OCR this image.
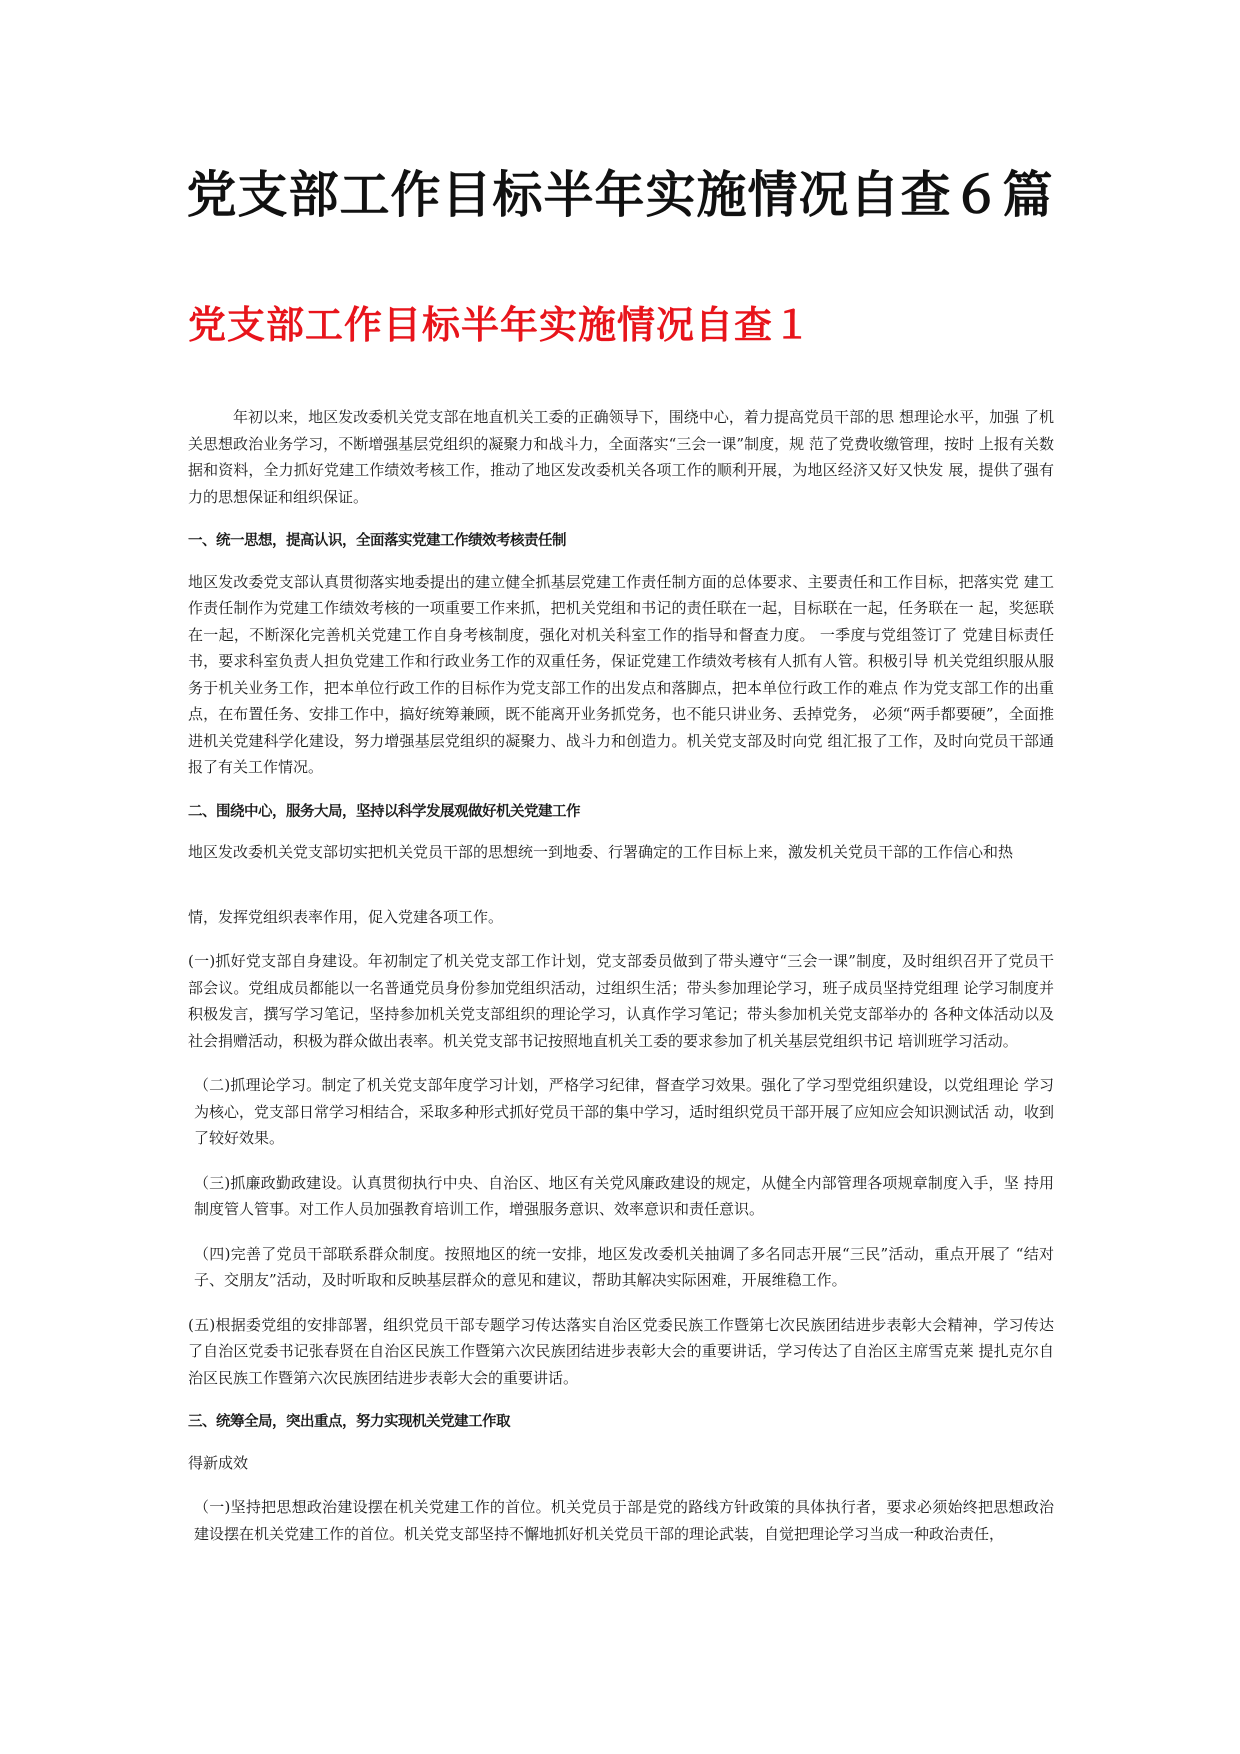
党支部工作目标半年实施情况自查６篇
党支部工作目标半年实施情况自查１

年初以来，地区发改委机关党支部在地直机关工委的正确领导下，围绕中心，着力提高党员干部的思 想理论水平，加强 了机关思想政治业务学习，不断增强基层党组织的凝聚力和战斗力，全面落实“三会一课”制度，规 范了党费收缴管理，按时 上报有关数据和资料，全力抓好党建工作绩效考核工作，推动了地区发改委机关各项工作的顺利开展，为地区经济又好又快发 展，提供了强有力的思想保证和组织保证。

一、统一思想，提高认识，全面落实党建工作绩效考核责任制

地区发改委党支部认真贯彻落实地委提出的建立健全抓基层党建工作责任制方面的总体要求、主要责任和工作目标，把落实党 建工作责任制作为党建工作绩效考核的一项重要工作来抓，把机关党组和书记的责任联在一起，目标联在一起，任务联在一 起，奖惩联在一起，不断深化完善机关党建工作自身考核制度，强化对机关科室工作的指导和督查力度。 一季度与党组签订了 党建目标责任书，要求科室负责人担负党建工作和行政业务工作的双重任务，保证党建工作绩效考核有人抓有人管。积极引导 机关党组织服从服务于机关业务工作，把本单位行政工作的目标作为党支部工作的出发点和落脚点，把本单位行政工作的难点 作为党支部工作的出重点，在布置任务、安排工作中，搞好统筹兼顾，既不能离开业务抓党务，也不能只讲业务、丢掉党务， 必须“两手都要硬”，全面推进机关党建科学化建设，努力增强基层党组织的凝聚力、战斗力和创造力。机关党支部及时向党 组汇报了工作，及时向党员干部通报了有关工作情况。

二、围绕中心，服务大局，坚持以科学发展观做好机关党建工作

地区发改委机关党支部切实把机关党员干部的思想统一到地委、行署确定的工作目标上来，激发机关党员干部的工作信心和热

情，发挥党组织表率作用，促入党建各项工作。

(一)抓好党支部自身建设。年初制定了机关党支部工作计划，党支部委员做到了带头遵守“三会一课”制度，及时组织召开了党员干部会议。党组成员都能以一名普通党员身份参加党组织活动，过组织生活；带头参加理论学习，班子成员坚持党组理 论学习制度并积极发言，撰写学习笔记，坚持参加机关党支部组织的理论学习，认真作学习笔记；带头参加机关党支部举办的 各种文体活动以及社会捐赠活动，积极为群众做出表率。机关党支部书记按照地直机关工委的要求参加了机关基层党组织书记 培训班学习活动。

（二)抓理论学习。制定了机关党支部年度学习计划，严格学习纪律，督查学习效果。强化了学习型党组织建设，以党组理论 学习为核心，党支部日常学习相结合，采取多种形式抓好党员干部的集中学习，适时组织党员干部开展了应知应会知识测试活 动，收到了较好效果。

（三)抓廉政勤政建设。认真贯彻执行中央、自治区、地区有关党风廉政建设的规定，从健全内部管理各项规章制度入手，坚 持用制度管人管事。对工作人员加强教育培训工作，增强服务意识、效率意识和责任意识。

（四)完善了党员干部联系群众制度。按照地区的统一安排，地区发改委机关抽调了多名同志开展“三民”活动，重点开展了 “结对子、交朋友”活动，及时听取和反映基层群众的意见和建议，帮助其解决实际困难，开展维稳工作。

(五)根据委党组的安排部署，组织党员干部专题学习传达落实自治区党委民族工作暨第七次民族团结进步表彰大会精神，学习传达了自治区党委书记张春贤在自治区民族工作暨第六次民族团结进步表彰大会的重要讲话，学习传达了自治区主席雪克莱 提扎克尔自治区民族工作暨第六次民族团结进步表彰大会的重要讲话。

三、统筹全局，突出重点，努力实现机关党建工作取

得新成效

（一)坚持把思想政治建设摆在机关党建工作的首位。机关党员于部是党的路线方针政策的具体执行者，要求必须始终把思想政治建设摆在机关党建工作的首位。机关党支部坚持不懈地抓好机关党员干部的理论武装，自觉把理论学习当成一种政治责任，
